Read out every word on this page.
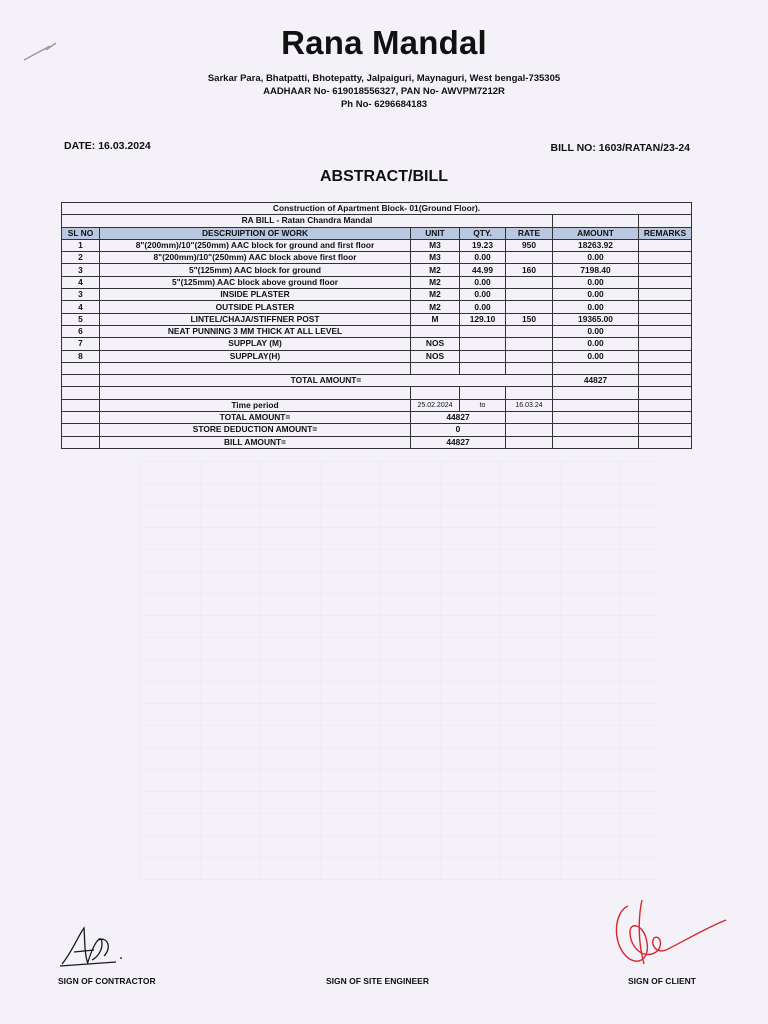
Rana Mandal
Sarkar Para, Bhatpatti, Bhotepatty, Jalpaiguri, Maynaguri, West bengal-735305
AADHAAR No- 619018556327, PAN No- AWVPM7212R
Ph No- 6296684183
DATE: 16.03.2024	BILL NO: 1603/RATAN/23-24
ABSTRACT/BILL
Construction of Apartment Block- 01(Ground Floor).						
RA BILL - Ratan Chandra Mandal						
SL NO	DESCRUIPTION OF WORK	UNIT	QTY.	RATE	AMOUNT	REMARKS
1	8"(200mm)/10"(250mm) AAC block for ground and first floor	M3	19.23	950	18263.92	
2	8"(200mm)/10"(250mm) AAC block above first floor	M3	0.00		0.00	
3	5"(125mm) AAC block for ground	M2	44.99	160	7198.40	
4	5"(125mm) AAC block above ground floor	M2	0.00		0.00	
3	INSIDE PLASTER	M2	0.00		0.00	
4	OUTSIDE PLASTER	M2	0.00		0.00	
5	LINTEL/CHAJA/STIFFNER POST	M	129.10	150	19365.00	
6	NEAT PUNNING 3 MM THICK AT ALL LEVEL				0.00	
7	SUPPLAY (M)	NOS			0.00	
8	SUPPLAY(H)	NOS			0.00	

	TOTAL AMOUNT=				44827	

	Time period	25.02.2024	to	16.03.24		
	TOTAL AMOUNT=	44827				
	STORE DEDUCTION AMOUNT=	0				
	BILL AMOUNT=	44827				
SIGN OF CONTRACTOR	SIGN OF SITE ENGINEER	SIGN OF CLIENT
